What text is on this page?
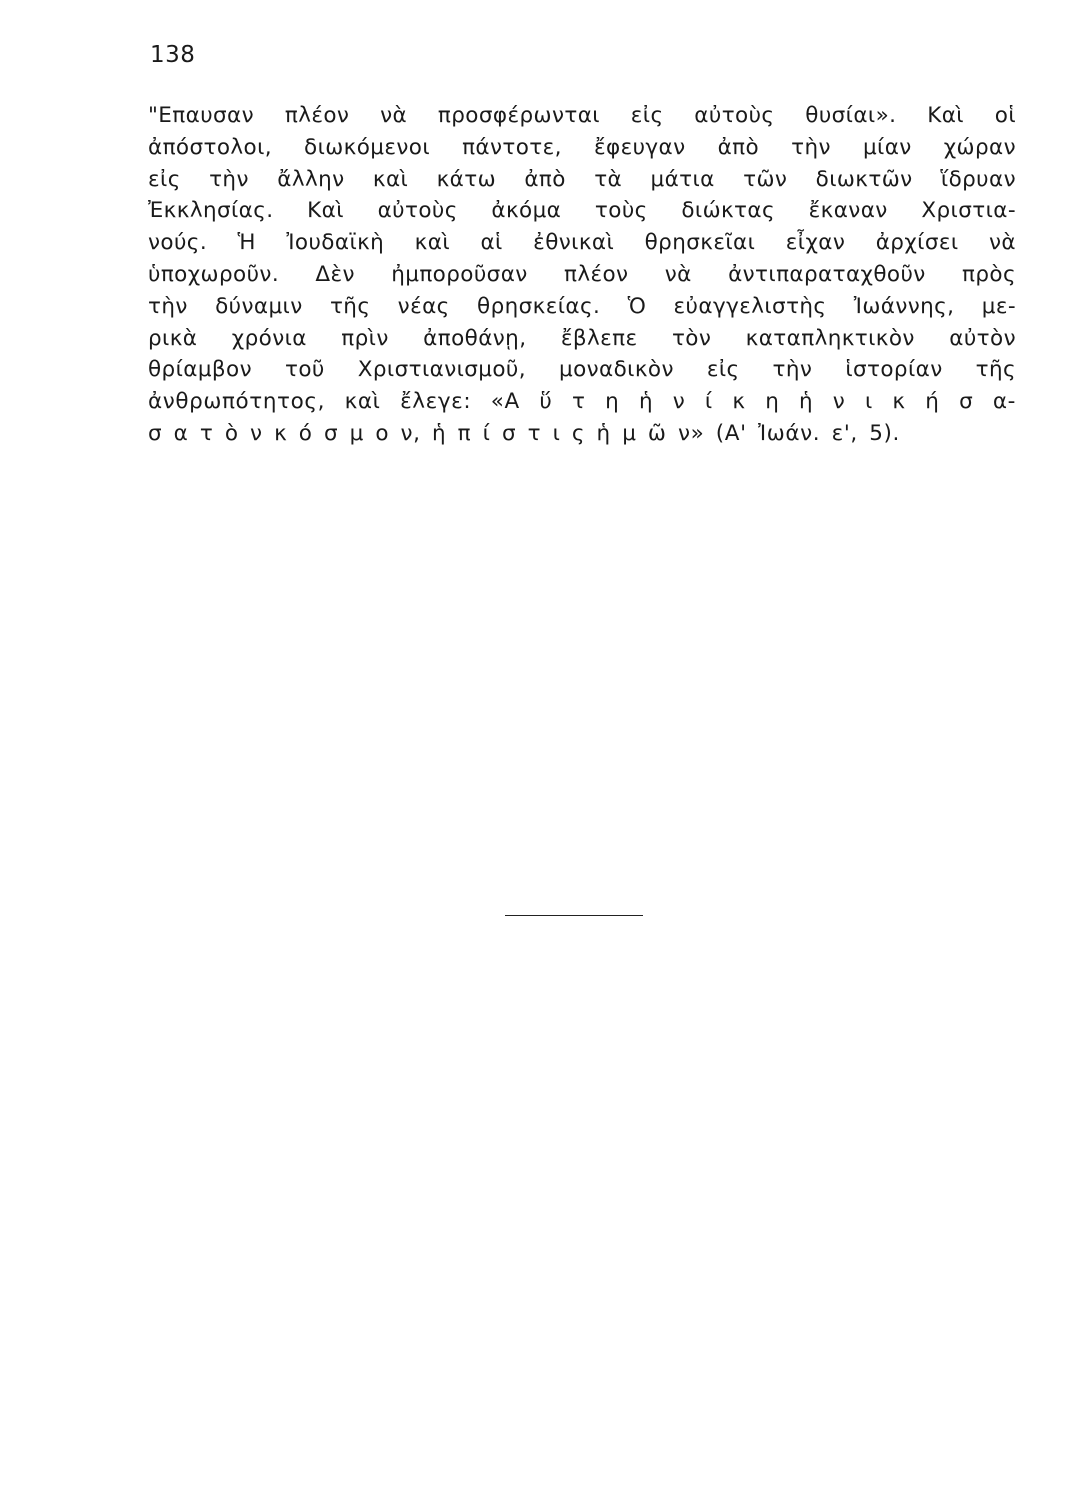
138
"Επαυσαν πλέον νὰ προσφέρωνται εἰς αὐτοὺς θυσίαι». Καὶ οἱ
ἀπόστολοι, διωκόμενοι πάντοτε, ἔφευγαν ἀπὸ τὴν μίαν χώραν
εἰς τὴν ἄλλην καὶ κάτω ἀπὸ τὰ μάτια τῶν διωκτῶν ἵδρυαν
Ἐκκλησίας. Καὶ αὐτοὺς ἀκόμα τοὺς διώκτας ἔκαναν Χριστια-
νούς. Ἡ Ἰουδαϊκὴ καὶ αἱ ἐθνικαὶ θρησκεῖαι εἶχαν ἀρχίσει νὰ
ὑποχωροῦν. Δὲν ἠμποροῦσαν πλέον νὰ ἀντιπαραταχθοῦν πρὸς
τὴν δύναμιν τῆς νέας θρησκείας. Ὁ εὐαγγελιστὴς Ἰωάννης, με-
ρικὰ χρόνια πρὶν ἀποθάνῃ, ἔβλεπε τὸν καταπληκτικὸν αὐτὸν
θρίαμβον τοῦ Χριστιανισμοῦ, μοναδικὸν εἰς τὴν ἱστορίαν τῆς
ἀνθρωπότητος, καὶ ἔλεγε: «Α ὕ τ η ἡ ν ί κ η ἡ ν ι κ ή σ α-
σ α τ ὸ ν κ ό σ μ ο ν, ἡ π ί σ τ ι ς ἡ μ ῶ ν» (Α' Ἰωάν. ε', 5).
